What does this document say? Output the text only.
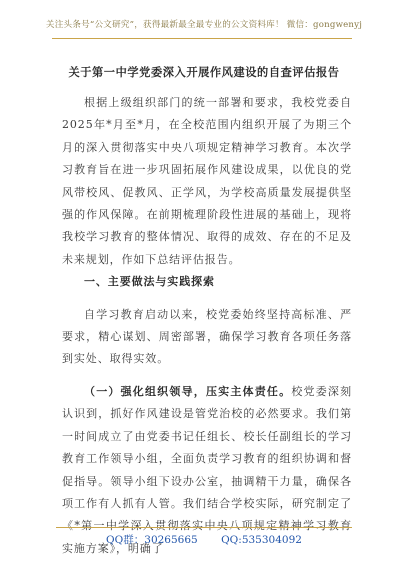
关注头条号“公文研究”，获得最新最全最专业的公文资料库！ 微信：gongwenyj
关于第一中学党委深入开展作风建设的自查评估报告

根据上级组织部门的统一部署和要求，我校党委自2025年*月至*月，在全校范围内组织开展了为期三个月的深入贯彻落实中央八项规定精神学习教育。本次学习教育旨在进一步巩固拓展作风建设成果，以优良的党风带校风、促教风、正学风，为学校高质量发展提供坚强的作风保障。在前期梳理阶段性进展的基础上，现将我校学习教育的整体情况、取得的成效、存在的不足及未来规划，作如下总结评估报告。

一、主要做法与实践探索

自学习教育启动以来，校党委始终坚持高标准、严要求，精心谋划、周密部署，确保学习教育各项任务落到实处、取得实效。

（一）强化组织领导，压实主体责任。校党委深刻认识到，抓好作风建设是管党治校的必然要求。我们第一时间成立了由党委书记任组长、校长任副组长的学习教育工作领导小组，全面负责学习教育的组织协调和督促指导。领导小组下设办公室，抽调精干力量，确保各项工作有人抓有人管。我们结合学校实际，研究制定了《*第一中学深入贯彻落实中央八项规定精神学习教育实施方案》，明确了

QQ群：30265665 QQ:535304092
